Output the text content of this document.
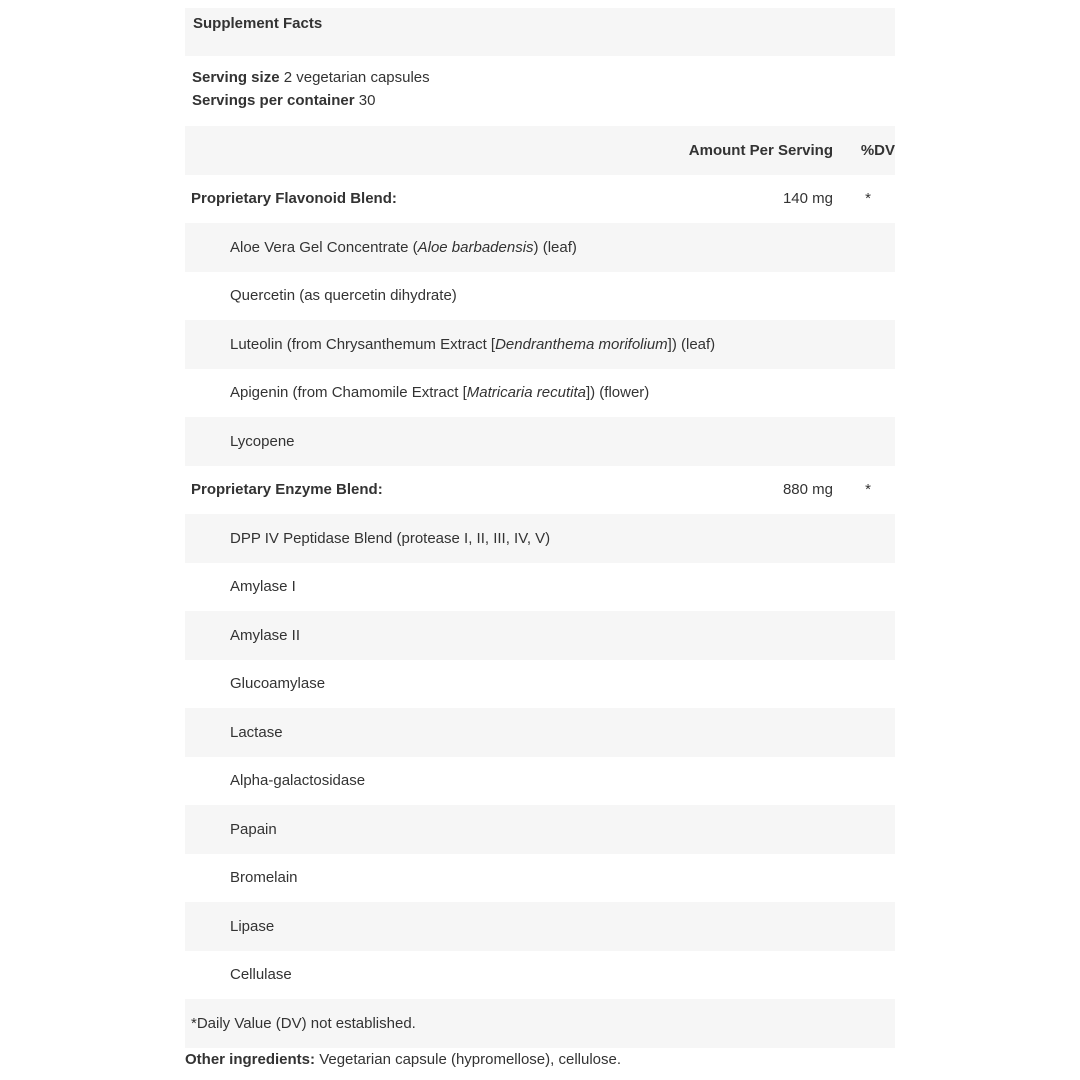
Supplement Facts
Serving size 2 vegetarian capsules
Servings per container 30
Amount Per Serving	%DV
Proprietary Flavonoid Blend:	140 mg	*
Aloe Vera Gel Concentrate (Aloe barbadensis) (leaf)
Quercetin (as quercetin dihydrate)
Luteolin (from Chrysanthemum Extract [Dendranthema morifolium]) (leaf)
Apigenin (from Chamomile Extract [Matricaria recutita]) (flower)
Lycopene
Proprietary Enzyme Blend:	880 mg	*
DPP IV Peptidase Blend (protease I, II, III, IV, V)
Amylase I
Amylase II
Glucoamylase
Lactase
Alpha-galactosidase
Papain
Bromelain
Lipase
Cellulase
*Daily Value (DV) not established.
Other ingredients: Vegetarian capsule (hypromellose), cellulose.
